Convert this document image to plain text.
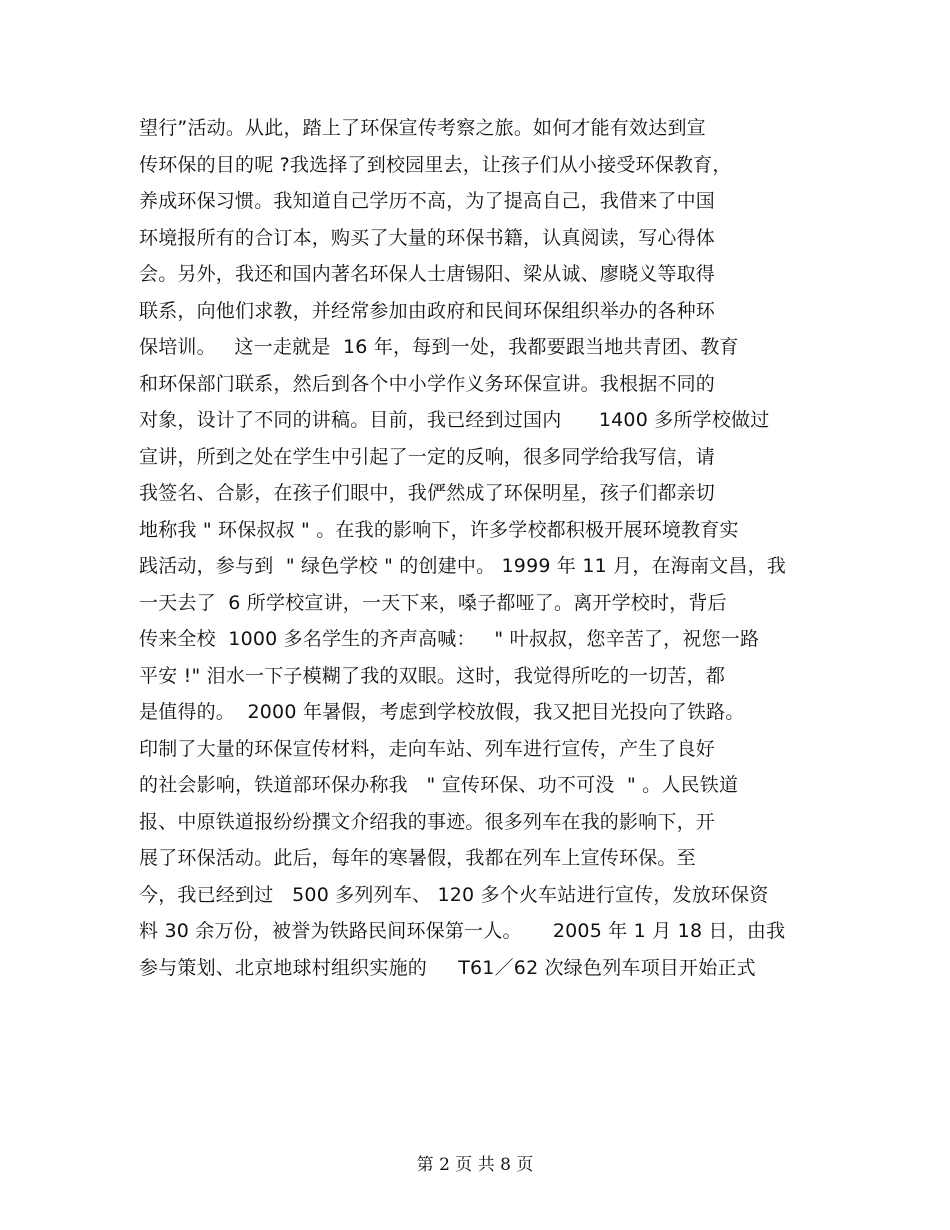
望行”活动。从此，踏上了环保宣传考察之旅。如何才能有效达到宣
传环保的目的呢 ?我选择了到校园里去，让孩子们从小接受环保教育，
养成环保习惯。我知道自己学历不高，为了提高自己，我借来了中国
环境报所有的合订本，购买了大量的环保书籍，认真阅读，写心得体
会。另外，我还和国内著名环保人士唐锡阳、梁从诚、廖晓义等取得
联系，向他们求教，并经常参加由政府和民间环保组织举办的各种环
保培训。   这一走就是  16 年，每到一处，我都要跟当地共青团、教育
和环保部门联系，然后到各个中小学作义务环保宣讲。我根据不同的
对象，设计了不同的讲稿。目前，我已经到过国内      1400 多所学校做过
宣讲，所到之处在学生中引起了一定的反响，很多同学给我写信，请
我签名、合影，在孩子们眼中，我俨然成了环保明星，孩子们都亲切
地称我 " 环保叔叔 " 。在我的影响下，许多学校都积极开展环境教育实
践活动，参与到  " 绿色学校 " 的创建中。 1999 年 11 月，在海南文昌，我
一天去了  6 所学校宣讲，一天下来，嗓子都哑了。离开学校时，背后
传来全校  1000 多名学生的齐声高喊：   " 叶叔叔，您辛苦了，祝您一路
平安 !" 泪水一下子模糊了我的双眼。这时，我觉得所吃的一切苦，都
是值得的。  2000 年暑假，考虑到学校放假，我又把目光投向了铁路。
印制了大量的环保宣传材料，走向车站、列车进行宣传，产生了良好
的社会影响，铁道部环保办称我   " 宣传环保、功不可没  " 。人民铁道
报、中原铁道报纷纷撰文介绍我的事迹。很多列车在我的影响下，开
展了环保活动。此后，每年的寒暑假，我都在列车上宣传环保。至
今，我已经到过   500 多列列车、 120 多个火车站进行宣传，发放环保资
料 30 余万份，被誉为铁路民间环保第一人。     2005 年 1 月 18 日，由我
参与策划、北京地球村组织实施的     T61／62 次绿色列车项目开始正式
第 2 页 共 8 页
